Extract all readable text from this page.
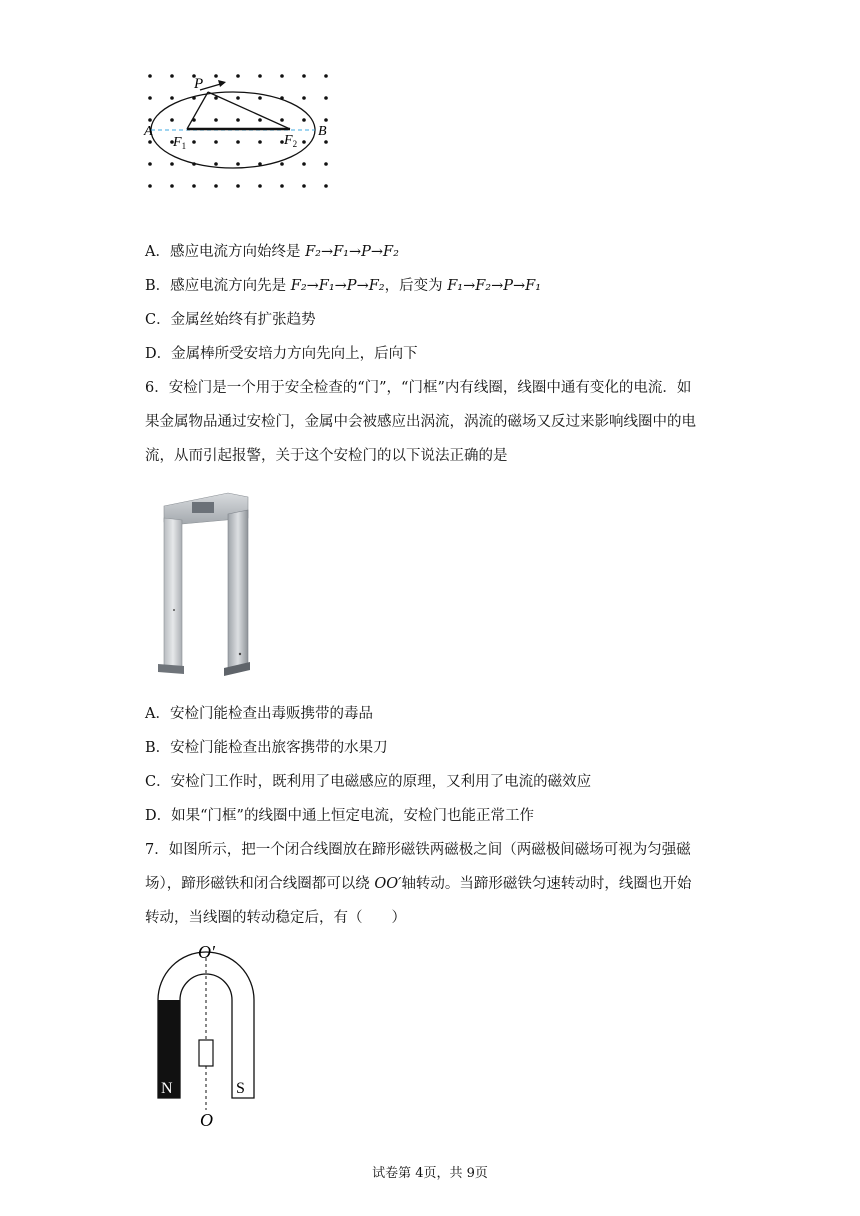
P
A	B
$F_1$	$F_2$
A．感应电流方向始终是 F₂→F₁→P→F₂
B．感应电流方向先是 F₂→F₁→P→F₂，后变为 F₁→F₂→P→F₁
C．金属丝始终有扩张趋势
D．金属棒所受安培力方向先向上，后向下
6．安检门是一个用于安全检查的“门”，“门框”内有线圈，线圈中通有变化的电流．如
果金属物品通过安检门，金属中会被感应出涡流，涡流的磁场又反过来影响线圈中的电
流，从而引起报警，关于这个安检门的以下说法正确的是
A．安检门能检查出毒贩携带的毒品
B．安检门能检查出旅客携带的水果刀
C．安检门工作时，既利用了电磁感应的原理，又利用了电流的磁效应
D．如果“门框”的线圈中通上恒定电流，安检门也能正常工作
7．如图所示，把一个闭合线圈放在蹄形磁铁两磁极之间（两磁极间磁场可视为匀强磁
场），蹄形磁铁和闭合线圈都可以绕 OO′轴转动。当蹄形磁铁匀速转动时，线圈也开始
转动，当线圈的转动稳定后，有（　　）
O′
O
N	S
试卷第 4页，共 9页
